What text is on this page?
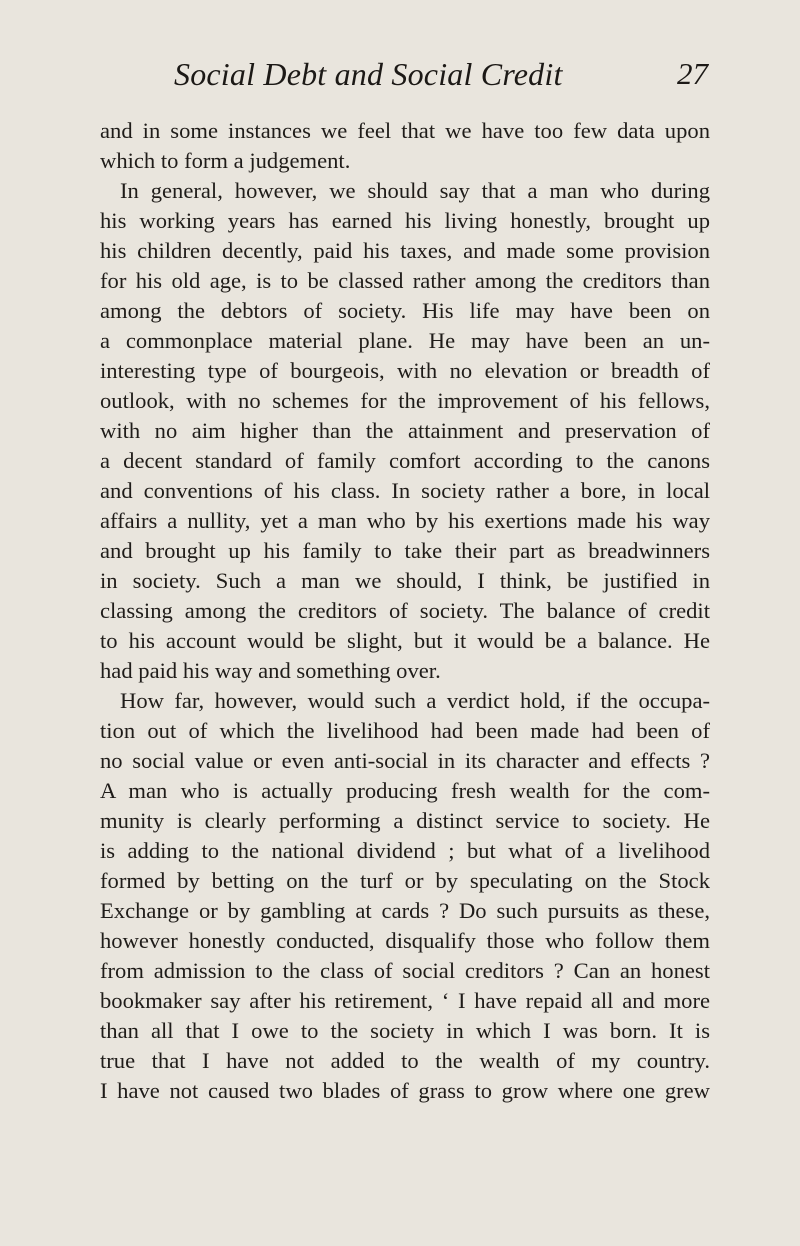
Social Debt and Social Credit	27
and in some instances we feel that we have too few data upon
which to form a judgement.
In general, however, we should say that a man who during
his working years has earned his living honestly, brought up
his children decently, paid his taxes, and made some provision
for his old age, is to be classed rather among the creditors than
among the debtors of society. His life may have been on
a commonplace material plane. He may have been an un-
interesting type of bourgeois, with no elevation or breadth of
outlook, with no schemes for the improvement of his fellows,
with no aim higher than the attainment and preservation of
a decent standard of family comfort according to the canons
and conventions of his class. In society rather a bore, in local
affairs a nullity, yet a man who by his exertions made his way
and brought up his family to take their part as breadwinners
in society. Such a man we should, I think, be justified in
classing among the creditors of society. The balance of credit
to his account would be slight, but it would be a balance. He
had paid his way and something over.
How far, however, would such a verdict hold, if the occupa-
tion out of which the livelihood had been made had been of
no social value or even anti-social in its character and effects ?
A man who is actually producing fresh wealth for the com-
munity is clearly performing a distinct service to society. He
is adding to the national dividend ; but what of a livelihood
formed by betting on the turf or by speculating on the Stock
Exchange or by gambling at cards ? Do such pursuits as these,
however honestly conducted, disqualify those who follow them
from admission to the class of social creditors ? Can an honest
bookmaker say after his retirement, ‘ I have repaid all and more
than all that I owe to the society in which I was born. It is
true that I have not added to the wealth of my country.
I have not caused two blades of grass to grow where one grew
